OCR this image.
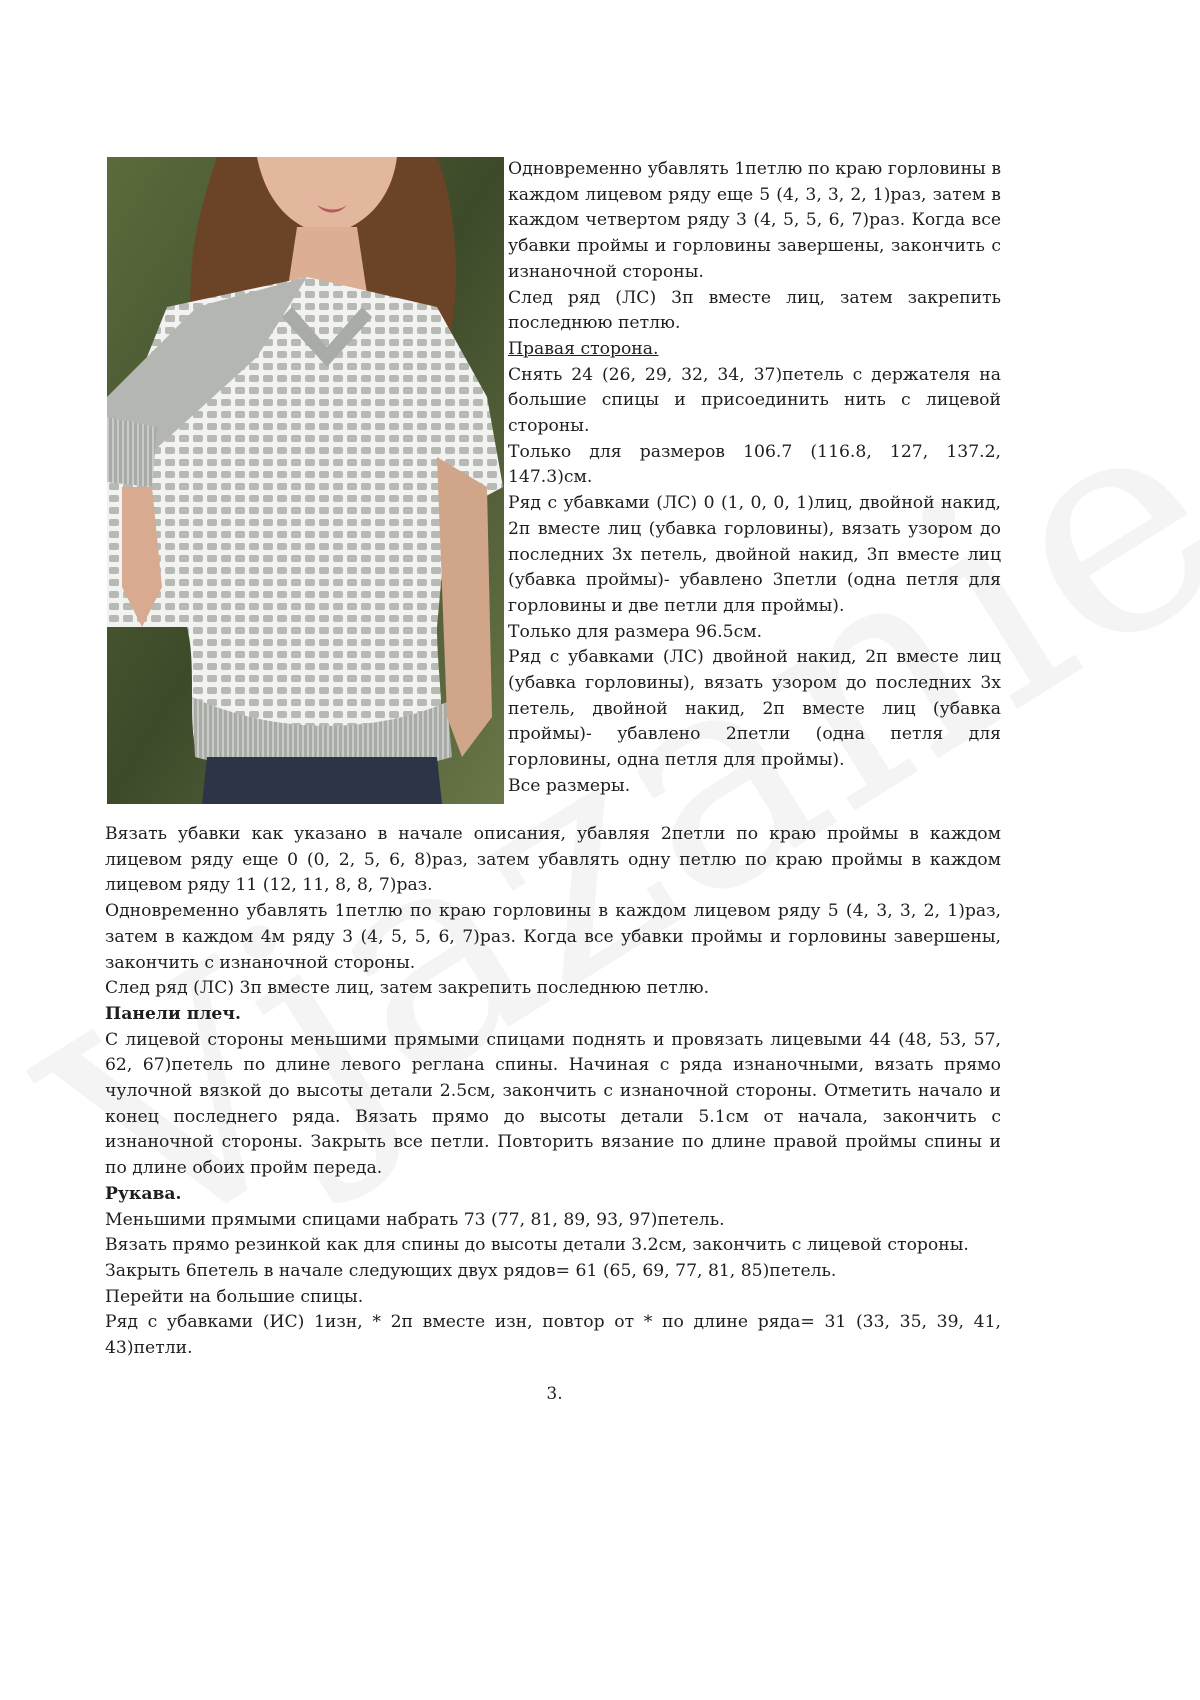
Одновременно убавлять 1петлю по краю горловины в каждом лицевом ряду еще 5 (4, 3, 3, 2, 1)раз, затем в каждом четвертом ряду 3 (4, 5, 5, 6, 7)раз. Когда все убавки проймы и горловины завершены, закончить с изнаночной стороны.

След ряд (ЛС) 3п вместе лиц, затем закрепить последнюю петлю.

Правая сторона.

Снять 24 (26, 29, 32, 34, 37)петель с держателя на большие спицы и присоединить нить с лицевой стороны.

Только для размеров 106.7 (116.8, 127, 137.2, 147.3)см.

Ряд с убавками (ЛС) 0 (1, 0, 0, 1)лиц, двойной накид, 2п вместе лиц (убавка горловины), вязать узором до последних 3х петель, двойной накид, 3п вместе лиц (убавка проймы)- убавлено 3петли (одна петля для горловины и две петли для проймы).

Только для размера 96.5см.

Ряд с убавками (ЛС) двойной накид, 2п вместе лиц (убавка горловины), вязать узором до последних 3х петель, двойной накид, 2п вместе лиц (убавка проймы)- убавлено 2петли (одна петля для горловины, одна петля для проймы).

Все размеры.

Вязать убавки как указано в начале описания, убавляя 2петли по краю проймы в каждом лицевом ряду еще 0 (0, 2, 5, 6, 8)раз, затем убавлять одну петлю по краю проймы в каждом лицевом ряду 11 (12, 11, 8, 8, 7)раз.

Одновременно убавлять 1петлю по краю горловины в каждом лицевом ряду 5 (4, 3, 3, 2, 1)раз, затем в каждом 4м ряду 3 (4, 5, 5, 6, 7)раз. Когда все убавки проймы и горловины завершены, закончить с изнаночной стороны.

След ряд (ЛС) 3п вместе лиц, затем закрепить последнюю петлю.

Панели плеч.

С лицевой стороны меньшими прямыми спицами поднять и провязать лицевыми 44 (48, 53, 57, 62, 67)петель по длине левого реглана спины. Начиная с ряда изнаночными, вязать прямо чулочной вязкой до высоты детали 2.5см, закончить с изнаночной стороны. Отметить начало и конец последнего ряда. Вязать прямо до высоты детали 5.1см от начала, закончить с изнаночной стороны. Закрыть все петли. Повторить вязание по длине правой проймы спины и по длине обоих пройм переда.

Рукава.

Меньшими прямыми спицами набрать 73 (77, 81, 89, 93, 97)петель.

Вязать прямо резинкой как для спины до высоты детали 3.2см, закончить с лицевой стороны.

Закрыть 6петель в начале следующих двух рядов= 61 (65, 69, 77, 81, 85)петель.

Перейти на большие спицы.

Ряд с убавками (ИС) 1изн, * 2п вместе изн, повтор от * по длине ряда= 31 (33, 35, 39, 41, 43)петли.

3.
